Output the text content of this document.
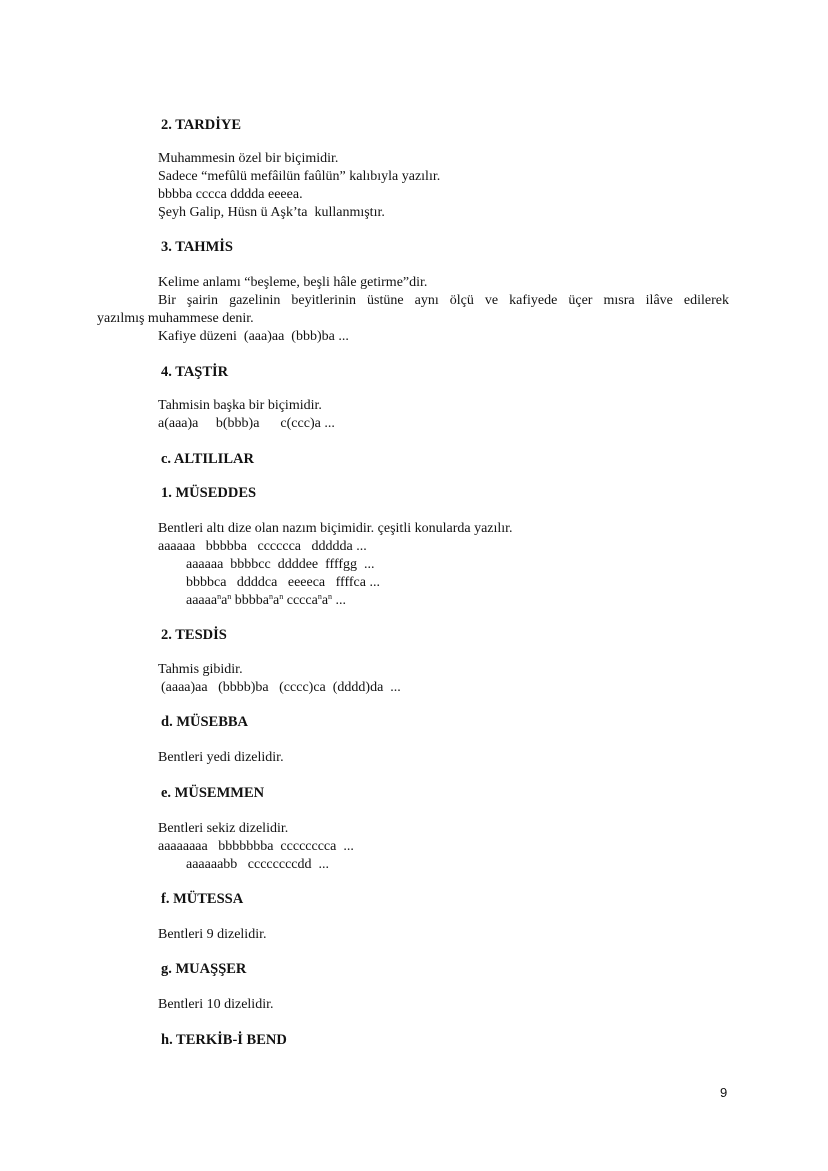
2. TARDİYE
Muhammesin özel bir biçimidir.
Sadece “mefûlü mefâilün faûlün” kalıbıyla yazılır.
bbbba cccca dddda eeeea.
Şeyh Galip, Hüsn ü Aşk’ta  kullanmıştır.
3. TAHMİS
Kelime anlamı “beşleme, beşli hâle getirme”dir.
Bir şairin gazelinin beyitlerinin üstüne aynı ölçü ve kafiyede üçer mısra ilâve edilerek
yazılmış muhammese denir.
Kafiye düzeni  (aaa)aa  (bbb)ba ...
4. TAŞTİR
Tahmisin başka bir biçimidir.
a(aaa)a     b(bbb)a      c(ccc)a ...
c. ALTILILAR
1. MÜSEDDES
Bentleri altı dize olan nazım biçimidir. çeşitli konularda yazılır.
aaaaaa   bbbbba   cccccca   ddddda ...
aaaaaa  bbbbcc  ddddee  ffffgg  ...
bbbbca   ddddca   eeeeca   ffffca ...
$aaaaa^na^n$ $bbbba^na^n$ $cccca^na^n$ ...
2. TESDİS
Tahmis gibidir.
(aaaa)aa   (bbbb)ba   (cccc)ca  (dddd)da  ...
d. MÜSEBBA
Bentleri yedi dizelidir.
e. MÜSEMMEN
Bentleri sekiz dizelidir.
aaaaaaaa   bbbbbbba  cccccccca  ...
aaaaaabb   ccccccccdd  ...
f. MÜTESSA
Bentleri 9 dizelidir.
g. MUAŞŞER
Bentleri 10 dizelidir.
h. TERKİB-İ BEND
9
